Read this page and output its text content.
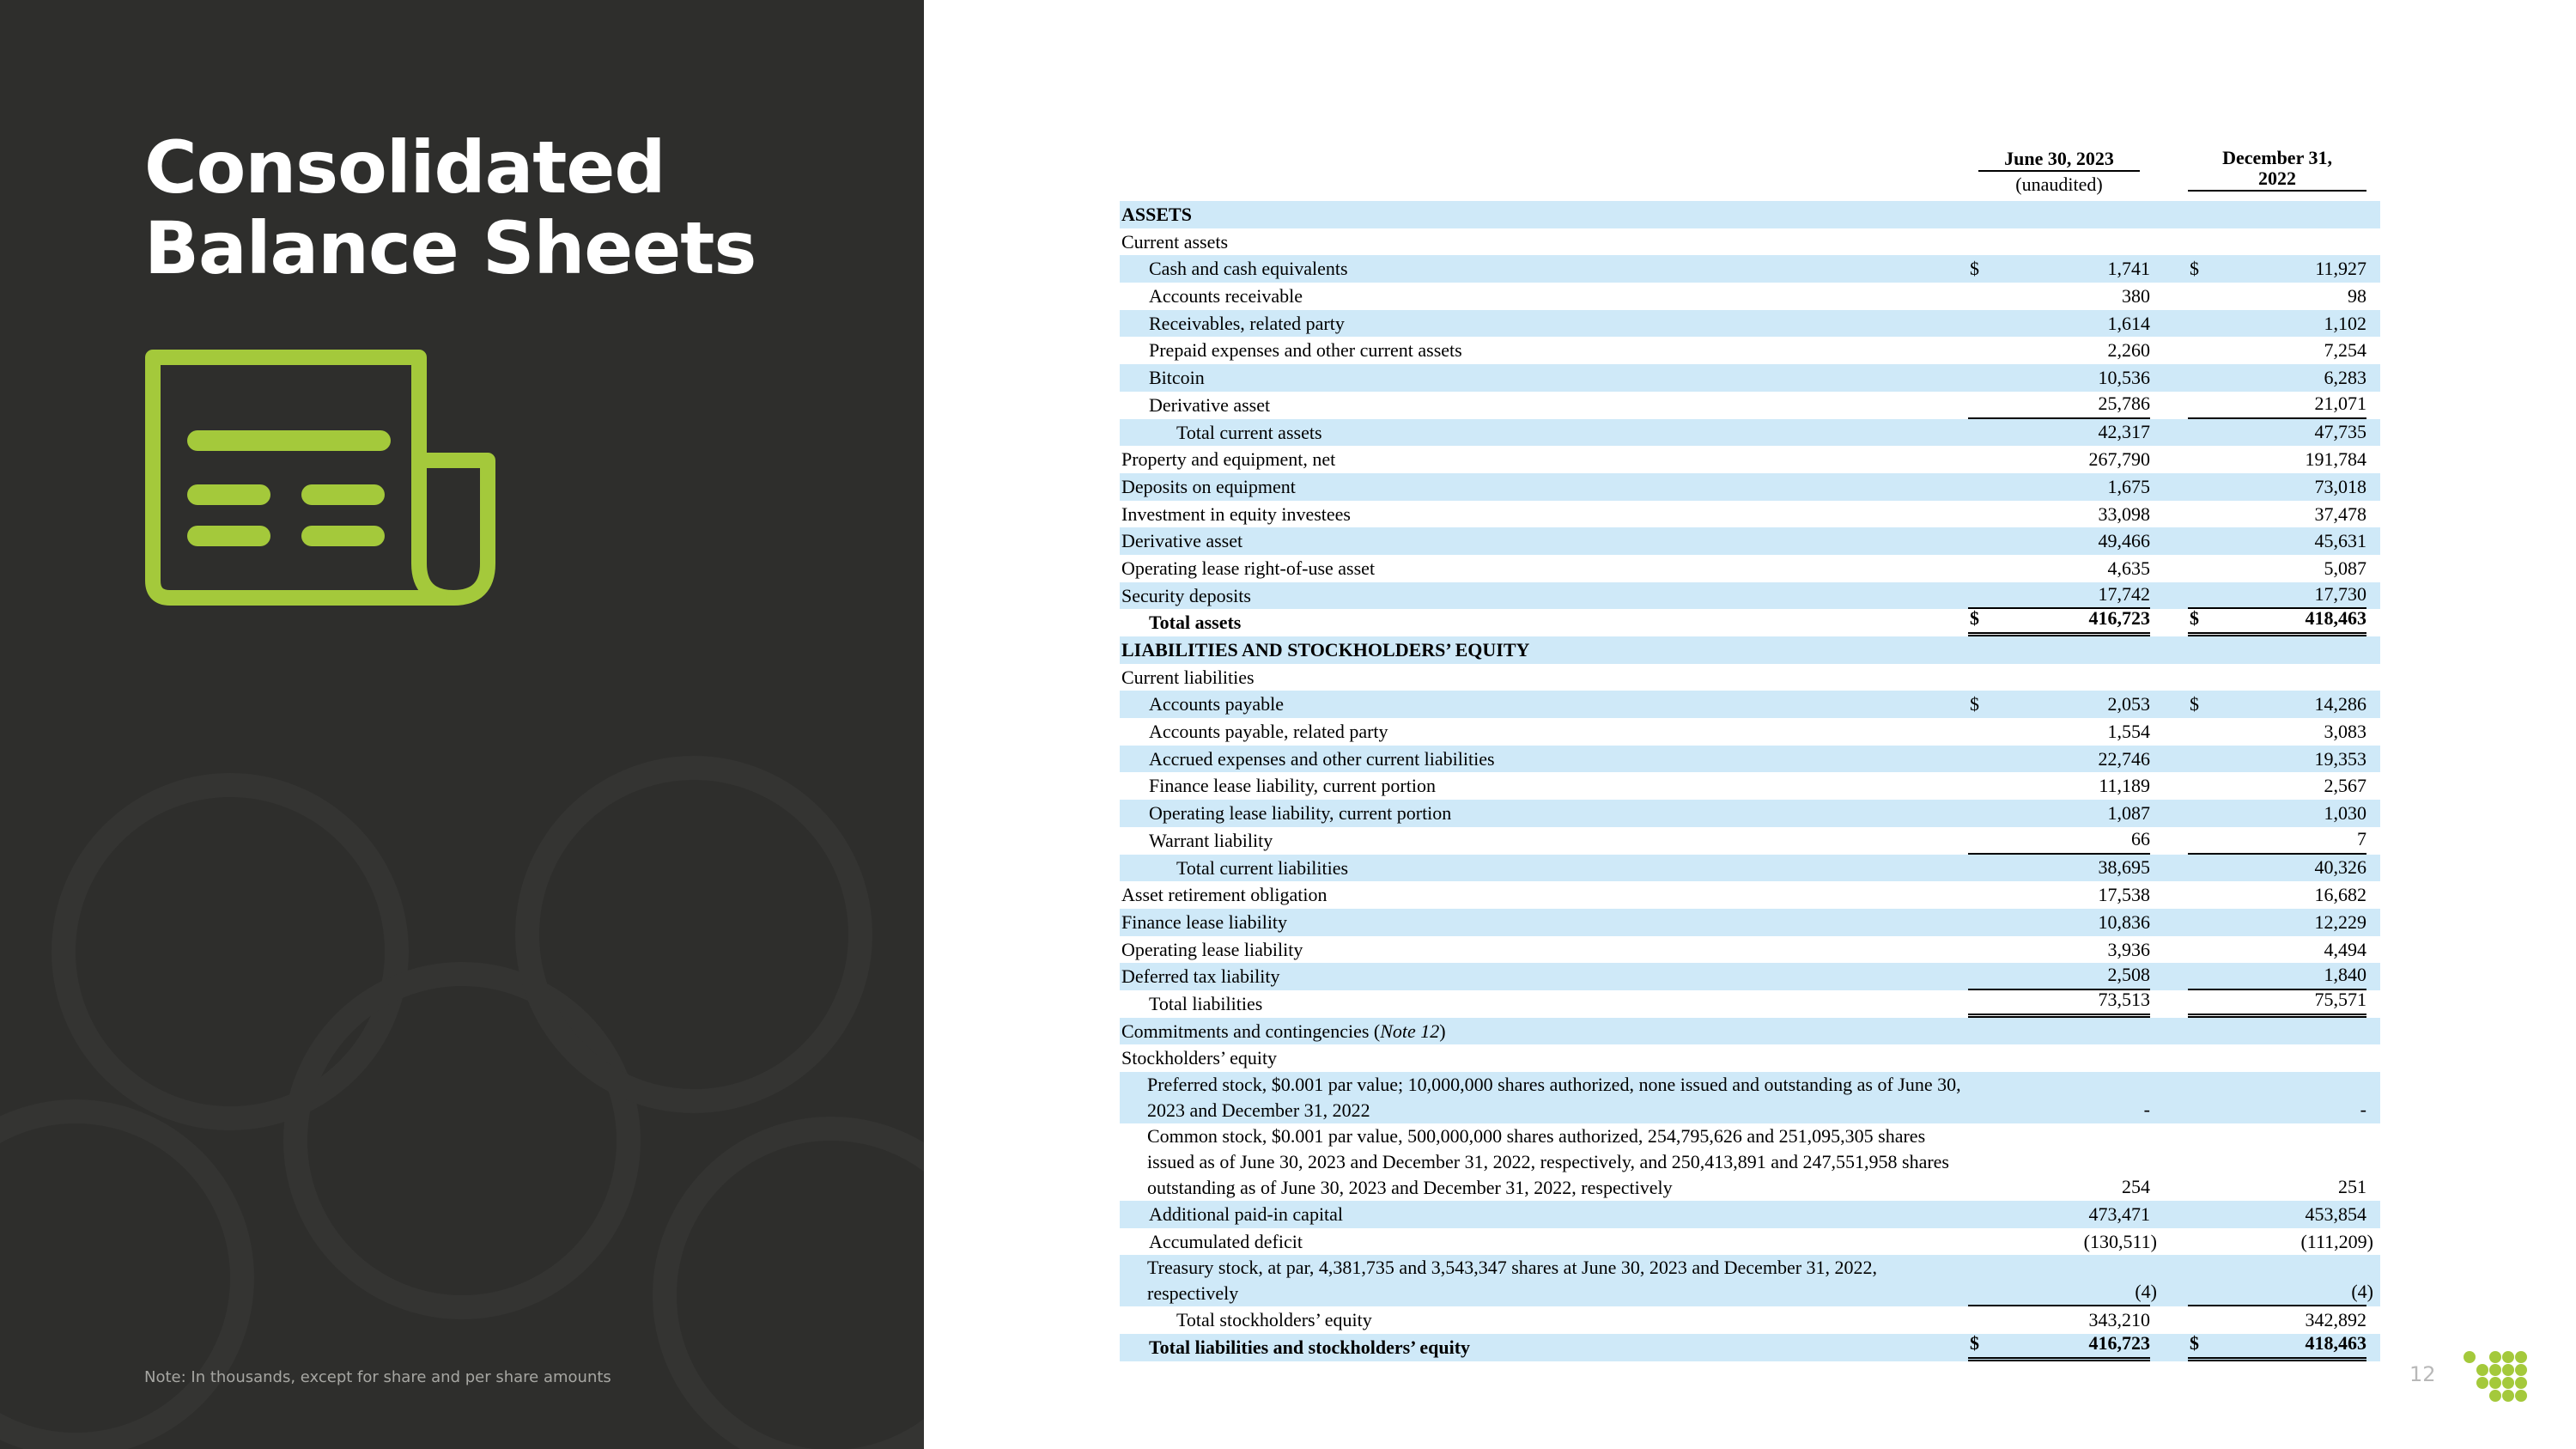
Consolidated
Balance Sheets
Note: In thousands, except for share and per share amounts
June 30, 2023
(unaudited)
December 31, 2022
ASSETS
Current assets
Cash and cash equivalents	$	1,741 $	11,927
Accounts receivable	380	98
Receivables, related party	1,614	1,102
Prepaid expenses and other current assets	2,260	7,254
Bitcoin	10,536	6,283
Derivative asset	25,786	21,071
Total current assets	42,317	47,735
Property and equipment, net	267,790	191,784
Deposits on equipment	1,675	73,018
Investment in equity investees	33,098	37,478
Derivative asset	49,466	45,631
Operating lease right-of-use asset	4,635	5,087
Security deposits	17,742	17,730
Total assets	$	416,723 $	418,463
LIABILITIES AND STOCKHOLDERS’ EQUITY
Current liabilities
Accounts payable	$	2,053 $	14,286
Accounts payable, related party	1,554	3,083
Accrued expenses and other current liabilities	22,746	19,353
Finance lease liability, current portion	11,189	2,567
Operating lease liability, current portion	1,087	1,030
Warrant liability	66	7
Total current liabilities	38,695	40,326
Asset retirement obligation	17,538	16,682
Finance lease liability	10,836	12,229
Operating lease liability	3,936	4,494
Deferred tax liability	2,508	1,840
Total liabilities	73,513	75,571
Commitments and contingencies (Note 12)
Stockholders’ equity
Preferred stock, $0.001 par value; 10,000,000 shares authorized, none issued and outstanding as of June 30, 2023 and December 31, 2022	-	-
Common stock, $0.001 par value, 500,000,000 shares authorized, 254,795,626 and 251,095,305 shares issued as of June 30, 2023 and December 31, 2022, respectively, and 250,413,891 and 247,551,958 shares outstanding as of June 30, 2023 and December 31, 2022, respectively	254	251
Additional paid-in capital	473,471	453,854
Accumulated deficit	(130,511)	(111,209)
Treasury stock, at par, 4,381,735 and 3,543,347 shares at June 30, 2023 and December 31, 2022, respectively	(4)	(4)
Total stockholders’ equity	343,210	342,892
Total liabilities and stockholders’ equity	$	416,723 $	418,463
12
